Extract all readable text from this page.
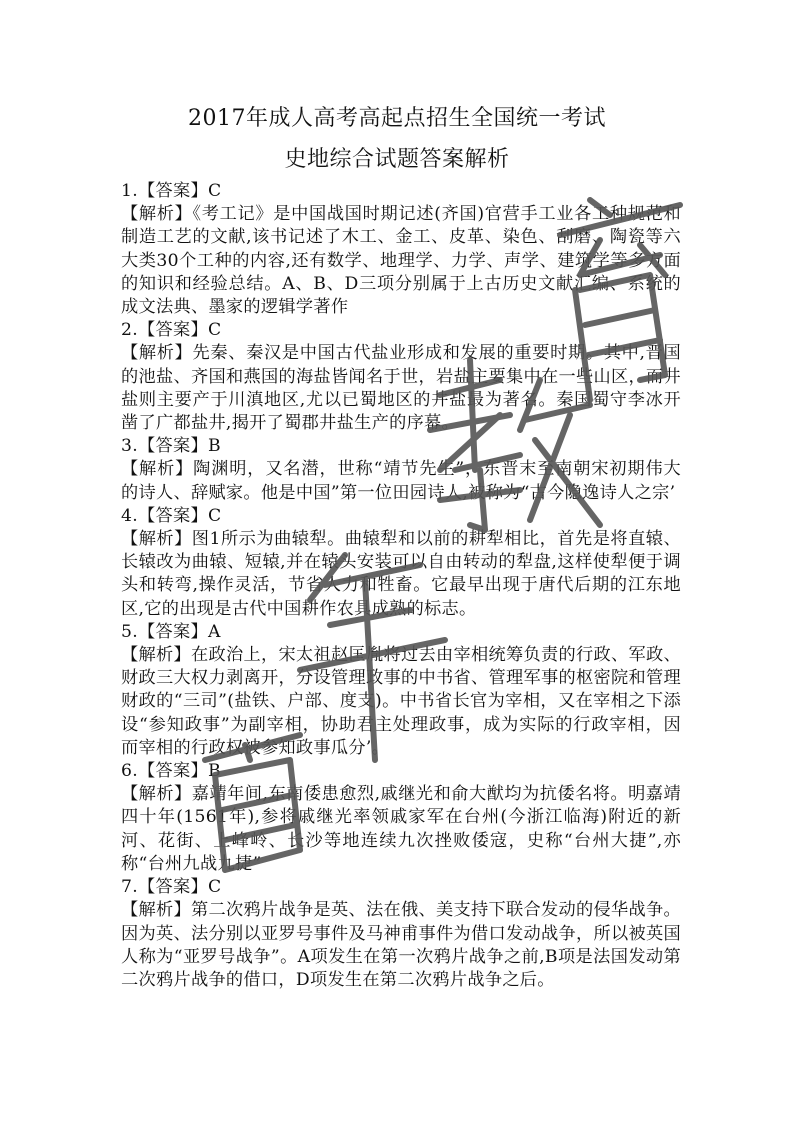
2017年成人高考高起点招生全国统一考试
史地综合试题答案解析

1.【答案】C

【解析】《考工记》是中国战国时期记述(齐国)官营手工业各工种规范和制造工艺的文献,该书记述了木工、金工、皮革、染色、刮磨、陶瓷等六大类30个工种的内容,还有数学、地理学、力学、声学、建筑学等多方面的知识和经验总结。A、B、D三项分别属于上古历史文献汇编、系统的成文法典、墨家的逻辑学著作

2.【答案】C

【解析】先秦、秦汉是中国古代盐业形成和发展的重要时期。其中,晋国的池盐、齐国和燕国的海盐皆闻名于世，岩盐主要集中在一些山区，而井盐则主要产于川滇地区,尤以已蜀地区的井盐最为著名。秦国蜀守李冰开凿了广都盐井,揭开了蜀郡井盐生产的序幕。

3.【答案】B

【解析】陶渊明，又名潜，世称“靖节先生”，东晋末至南朝宋初期伟大的诗人、辞赋家。他是中国”第一位田园诗人,被称为“古今隐逸诗人之宗’

4.【答案】C

【解析】图1所示为曲辕犁。曲辕犁和以前的耕犁相比，首先是将直辕、长辕改为曲辕、短辕,并在辕头安装可以自由转动的犁盘,这样使犁便于调头和转弯,操作灵活，节省人力和牲畜。它最早出现于唐代后期的江东地区,它的出现是古代中国耕作农具成熟的标志。

5.【答案】A

【解析】在政治上，宋太祖赵匡胤将过去由宰相统筹负责的行政、军政、财政三大权力剥离开，分设管理政事的中书省、管理军事的枢密院和管理财政的“三司”(盐铁、户部、度支)。中书省长官为宰相，又在宰相之下添设“参知政事”为副宰相，协助君主处理政事，成为实际的行政宰相，因而宰相的行政权被参知政事瓜分’。

6.【答案】B

【解析】嘉靖年间,东南倭患愈烈,戚继光和俞大猷均为抗倭名将。明嘉靖四十年(1561年),参将戚继光率领戚家军在台州(今浙江临海)附近的新河、花街、上峰岭、长沙等地连续九次挫败倭寇，史称“台州大捷”,亦称“台州九战九捷”

7.【答案】C

【解析】第二次鸦片战争是英、法在俄、美支持下联合发动的侵华战争。因为英、法分别以亚罗号事件及马神甫事件为借口发动战争，所以被英国人称为“亚罗号战争”。A项发生在第一次鸦片战争之前,B项是法国发动第二次鸦片战争的借口，D项发生在第二次鸦片战争之后。
